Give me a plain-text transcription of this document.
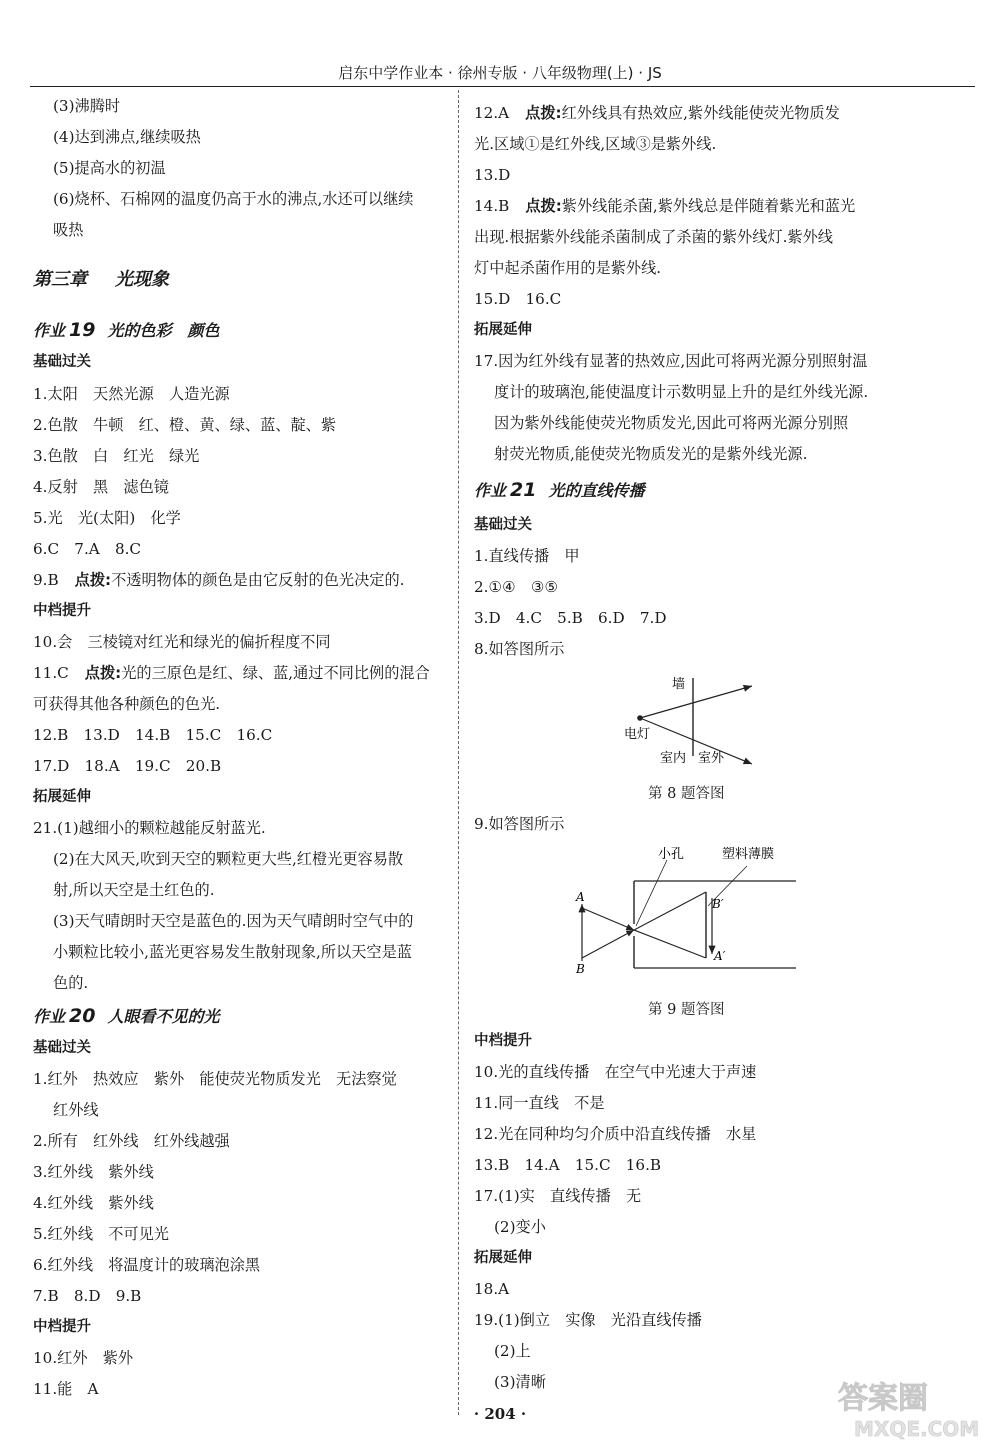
启东中学作业本 · 徐州专版 · 八年级物理(上) · JS
(3)沸腾时
(4)达到沸点,继续吸热
(5)提高水的初温
(6)烧杯、石棉网的温度仍高于水的沸点,水还可以继续
吸热
第三章 光现象
作业 19 光的色彩　颜色
基础过关
1.太阳　天然光源　人造光源
2.色散　牛顿　红、橙、黄、绿、蓝、靛、紫
3.色散　白　红光　绿光
4.反射　黑　滤色镜
5.光　光(太阳)　化学
6.C　7.A　8.C
9.B 点拨:不透明物体的颜色是由它反射的色光决定的.
中档提升
10.会　三棱镜对红光和绿光的偏折程度不同
11.C 点拨:光的三原色是红、绿、蓝,通过不同比例的混合
可获得其他各种颜色的色光.
12.B　13.D　14.B　15.C　16.C
17.D　18.A　19.C　20.B
拓展延伸
21.(1)越细小的颗粒越能反射蓝光.
(2)在大风天,吹到天空的颗粒更大些,红橙光更容易散
射,所以天空是土红色的.
(3)天气晴朗时天空是蓝色的.因为天气晴朗时空气中的
小颗粒比较小,蓝光更容易发生散射现象,所以天空是蓝
色的.
作业 20 人眼看不见的光
基础过关
1.红外　热效应　紫外　能使荧光物质发光　无法察觉
红外线
2.所有　红外线　红外线越强
3.红外线　紫外线
4.红外线　紫外线
5.红外线　不可见光
6.红外线　将温度计的玻璃泡涂黑
7.B　8.D　9.B
中档提升
10.红外　紫外
11.能　A
12.A 点拨:红外线具有热效应,紫外线能使荧光物质发
光.区域①是红外线,区域③是紫外线.
13.D
14.B 点拨:紫外线能杀菌,紫外线总是伴随着紫光和蓝光
出现.根据紫外线能杀菌制成了杀菌的紫外线灯.紫外线
灯中起杀菌作用的是紫外线.
15.D　16.C
拓展延伸
17.因为红外线有显著的热效应,因此可将两光源分别照射温
度计的玻璃泡,能使温度计示数明显上升的是红外线光源.
因为紫外线能使荧光物质发光,因此可将两光源分别照
射荧光物质,能使荧光物质发光的是紫外线光源.
作业 21 光的直线传播
基础过关
1.直线传播　甲
2.①④　③⑤
3.D　4.C　5.B　6.D　7.D
8.如答图所示
9.如答图所示
中档提升
10.光的直线传播　在空气中光速大于声速
11.同一直线　不是
12.光在同种均匀介质中沿直线传播　水星
13.B　14.A　15.C　16.B
17.(1)实　直线传播　无
(2)变小
拓展延伸
18.A
19.(1)倒立　实像　光沿直线传播
(2)上
(3)清晰
墙
电灯
室内 室外
第 8 题答图
小孔	塑料薄膜
A
B
A′
B′
第 9 题答图
· 204 ·	答案圈
MXQE.COM
